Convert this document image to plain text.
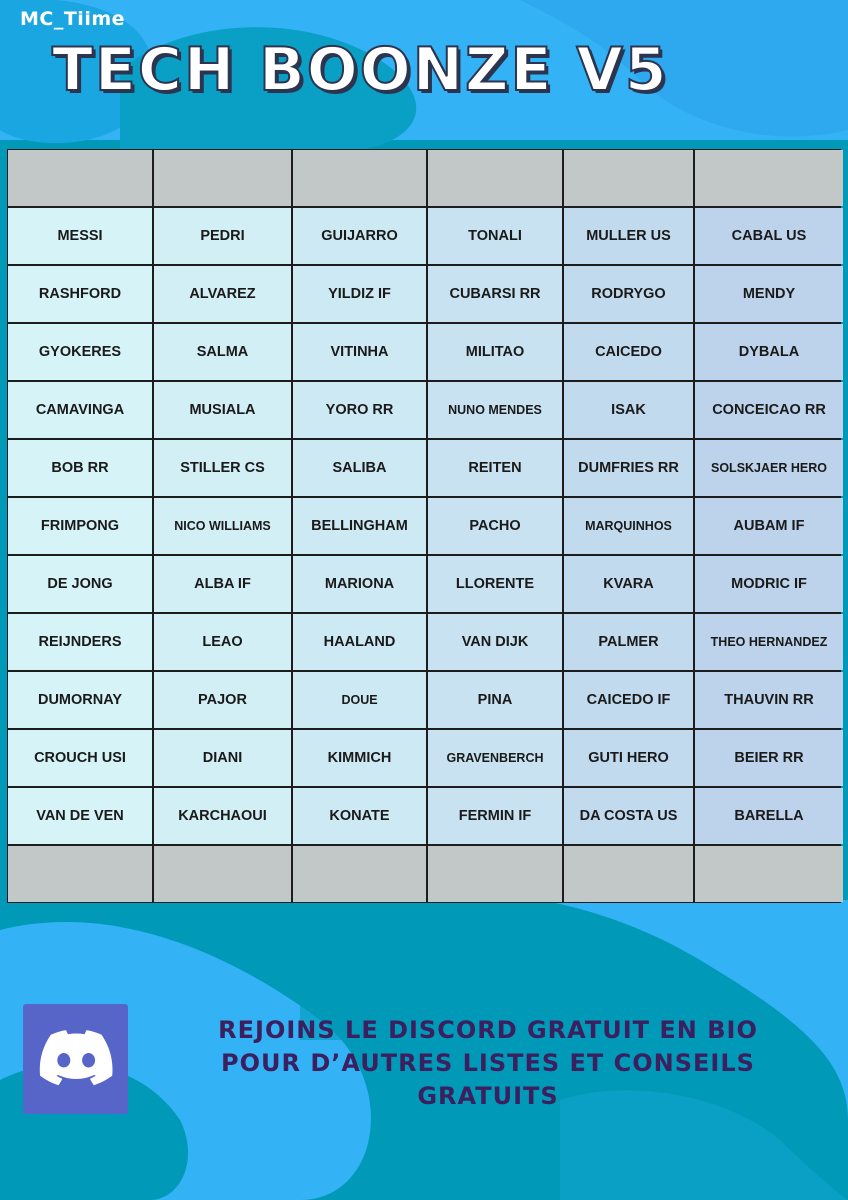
MC_Tiime
TECH BOONZE V5
MESSI	PEDRI	GUIJARRO	TONALI	MULLER US	CABAL US
RASHFORD	ALVAREZ	YILDIZ IF	CUBARSI RR	RODRYGO	MENDY
GYOKERES	SALMA	VITINHA	MILITAO	CAICEDO	DYBALA
CAMAVINGA	MUSIALA	YORO RR	NUNO MENDES	ISAK	CONCEICAO RR
BOB RR	STILLER CS	SALIBA	REITEN	DUMFRIES RR	SOLSKJAER HERO
FRIMPONG	NICO WILLIAMS	BELLINGHAM	PACHO	MARQUINHOS	AUBAM IF
DE JONG	ALBA IF	MARIONA	LLORENTE	KVARA	MODRIC IF
REIJNDERS	LEAO	HAALAND	VAN DIJK	PALMER	THEO HERNANDEZ
DUMORNAY	PAJOR	DOUE	PINA	CAICEDO IF	THAUVIN RR
CROUCH USI	DIANI	KIMMICH	GRAVENBERCH	GUTI HERO	BEIER RR
VAN DE VEN	KARCHAOUI	KONATE	FERMIN IF	DA COSTA US	BARELLA
REJOINS LE DISCORD GRATUIT EN BIO
POUR D’AUTRES LISTES ET CONSEILS
GRATUITS
